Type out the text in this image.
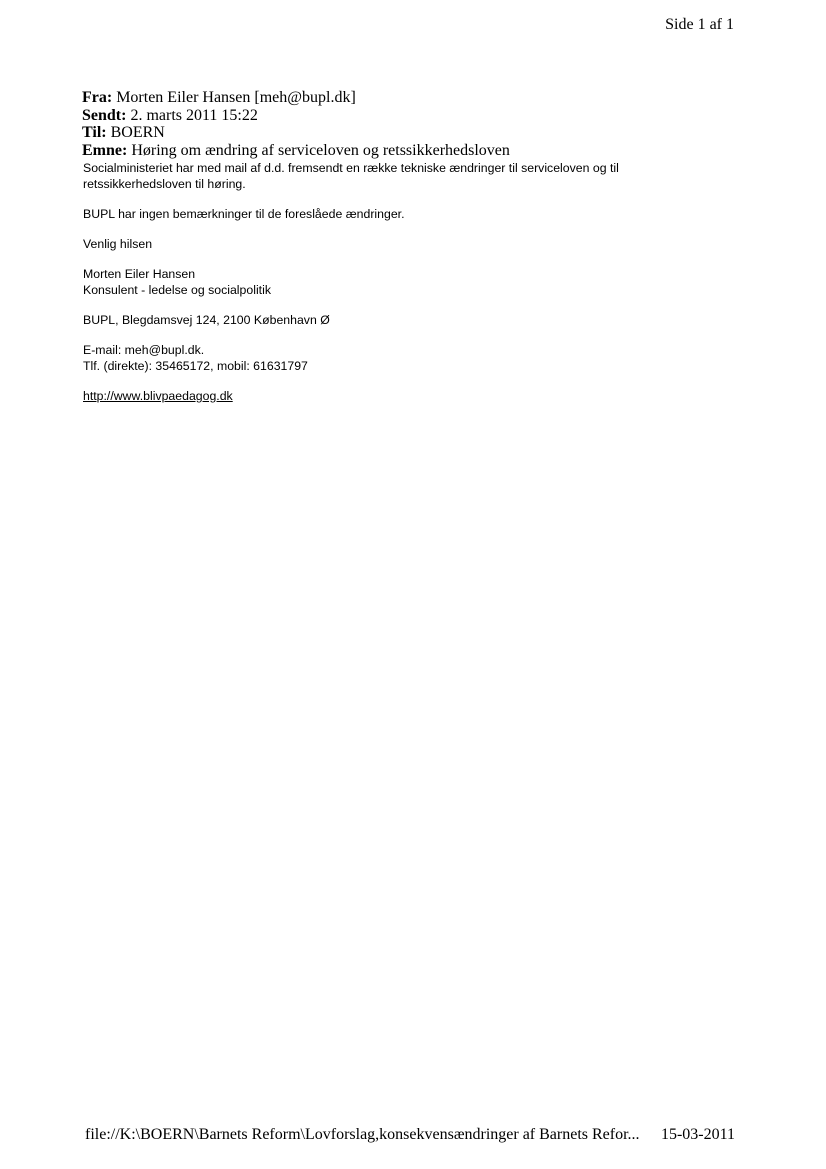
Side 1 af 1
Fra: Morten Eiler Hansen [meh@bupl.dk]
Sendt: 2. marts 2011 15:22
Til: BOERN
Emne: Høring om ændring af serviceloven og retssikkerhedsloven
Socialministeriet har med mail af d.d. fremsendt en række tekniske ændringer til serviceloven og til
retssikkerhedsloven til høring.
BUPL har ingen bemærkninger til de foreslåede ændringer.
Venlig hilsen
Morten Eiler Hansen
Konsulent - ledelse og socialpolitik
BUPL, Blegdamsvej 124, 2100 København Ø
E-mail: meh@bupl.dk.
Tlf. (direkte): 35465172, mobil: 61631797
http://www.blivpaedagog.dk
file://K:\BOERN\Barnets Reform\Lovforslag,konsekvensændringer af Barnets Refor... 15-03-2011
